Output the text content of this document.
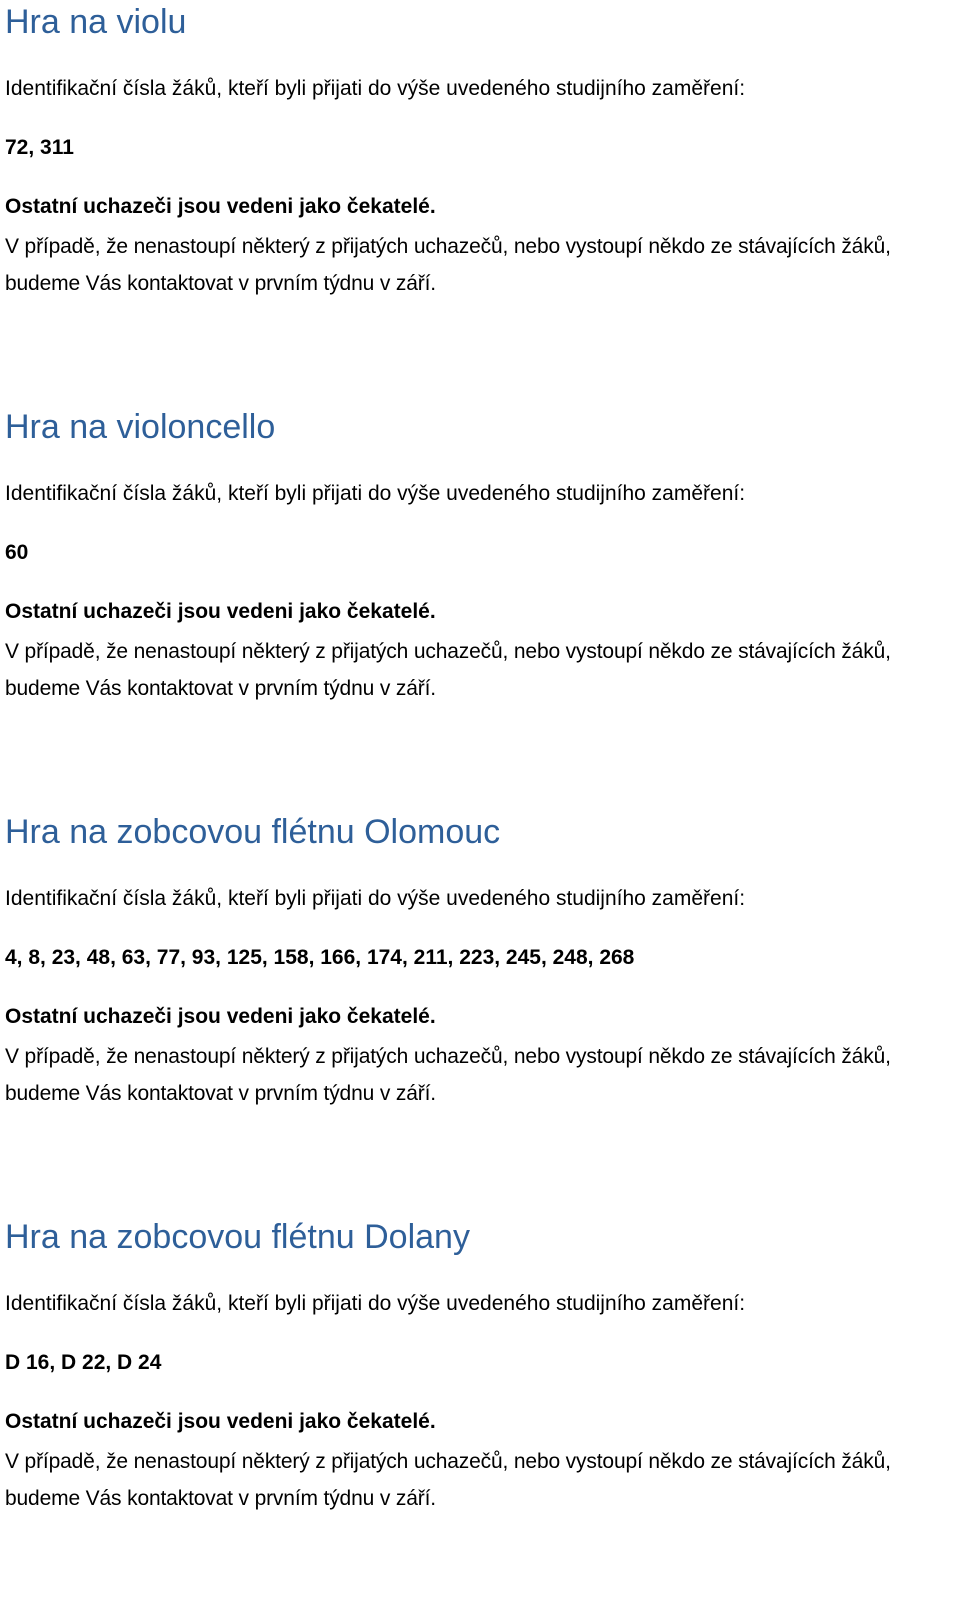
Hra na violu
Identifikační čísla žáků, kteří byli přijati do výše uvedeného studijního zaměření:
72, 311
Ostatní uchazeči jsou vedeni jako čekatelé.
V případě, že nenastoupí některý z přijatých uchazečů, nebo vystoupí někdo ze stávajících žáků, budeme Vás kontaktovat v prvním týdnu v září.
Hra na violoncello
Identifikační čísla žáků, kteří byli přijati do výše uvedeného studijního zaměření:
60
Ostatní uchazeči jsou vedeni jako čekatelé.
V případě, že nenastoupí některý z přijatých uchazečů, nebo vystoupí někdo ze stávajících žáků, budeme Vás kontaktovat v prvním týdnu v září.
Hra na zobcovou flétnu Olomouc
Identifikační čísla žáků, kteří byli přijati do výše uvedeného studijního zaměření:
4, 8, 23, 48, 63, 77, 93, 125, 158, 166, 174, 211, 223, 245, 248, 268
Ostatní uchazeči jsou vedeni jako čekatelé.
V případě, že nenastoupí některý z přijatých uchazečů, nebo vystoupí někdo ze stávajících žáků, budeme Vás kontaktovat v prvním týdnu v září.
Hra na zobcovou flétnu Dolany
Identifikační čísla žáků, kteří byli přijati do výše uvedeného studijního zaměření:
D 16, D 22, D 24
Ostatní uchazeči jsou vedeni jako čekatelé.
V případě, že nenastoupí některý z přijatých uchazečů, nebo vystoupí někdo ze stávajících žáků, budeme Vás kontaktovat v prvním týdnu v září.
